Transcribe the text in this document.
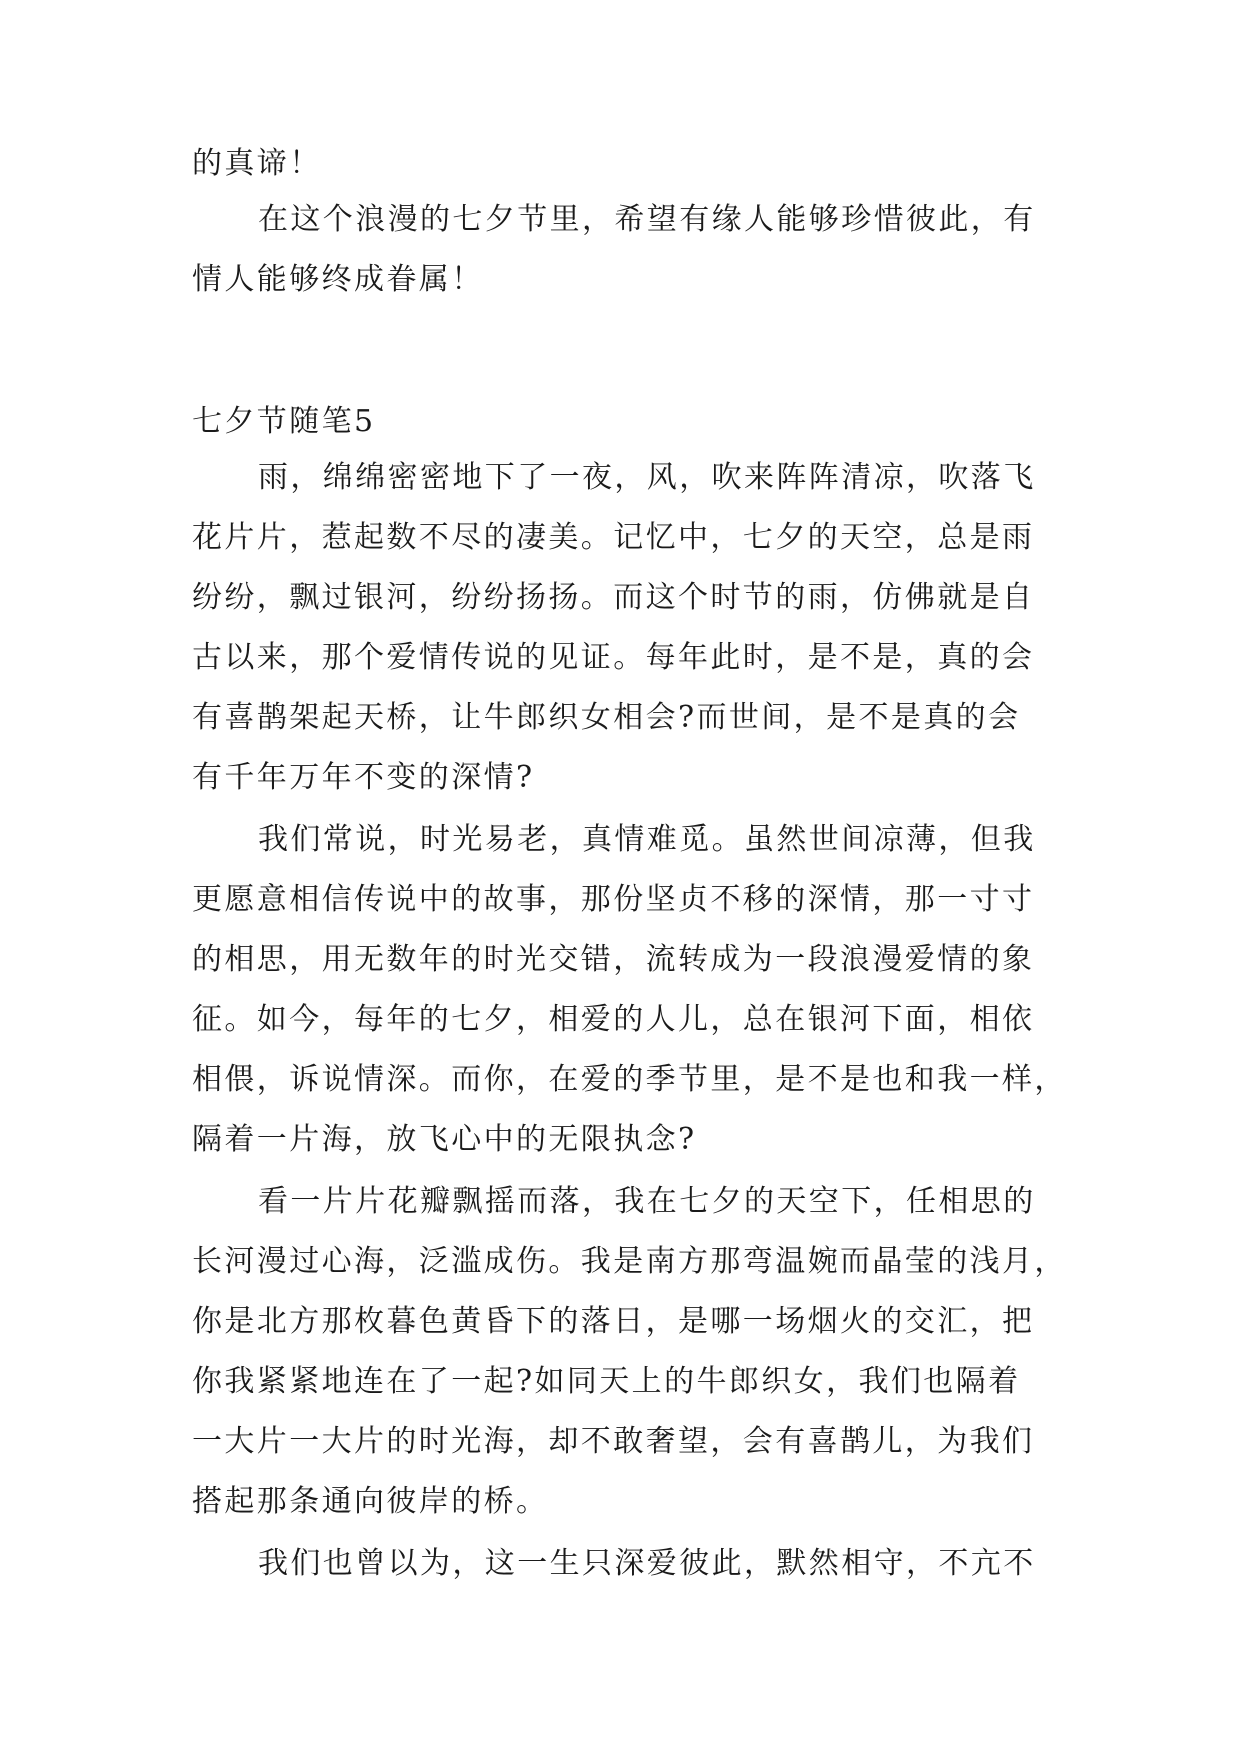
的真谛！
在这个浪漫的七夕节里，希望有缘人能够珍惜彼此，有
情人能够终成眷属！
七夕节随笔5
雨，绵绵密密地下了一夜，风，吹来阵阵清凉，吹落飞
花片片，惹起数不尽的凄美。记忆中，七夕的天空，总是雨
纷纷，飘过银河，纷纷扬扬。而这个时节的雨，仿佛就是自
古以来，那个爱情传说的见证。每年此时，是不是，真的会
有喜鹊架起天桥，让牛郎织女相会?而世间，是不是真的会
有千年万年不变的深情?
我们常说，时光易老，真情难觅。虽然世间凉薄，但我
更愿意相信传说中的故事，那份坚贞不移的深情，那一寸寸
的相思，用无数年的时光交错，流转成为一段浪漫爱情的象
征。如今，每年的七夕，相爱的人儿，总在银河下面，相依
相偎，诉说情深。而你，在爱的季节里，是不是也和我一样，
隔着一片海，放飞心中的无限执念?
看一片片花瓣飘摇而落，我在七夕的天空下，任相思的
长河漫过心海，泛滥成伤。我是南方那弯温婉而晶莹的浅月，
你是北方那枚暮色黄昏下的落日，是哪一场烟火的交汇，把
你我紧紧地连在了一起?如同天上的牛郎织女，我们也隔着
一大片一大片的时光海，却不敢奢望，会有喜鹊儿，为我们
搭起那条通向彼岸的桥。
我们也曾以为，这一生只深爱彼此，默然相守，不亢不
